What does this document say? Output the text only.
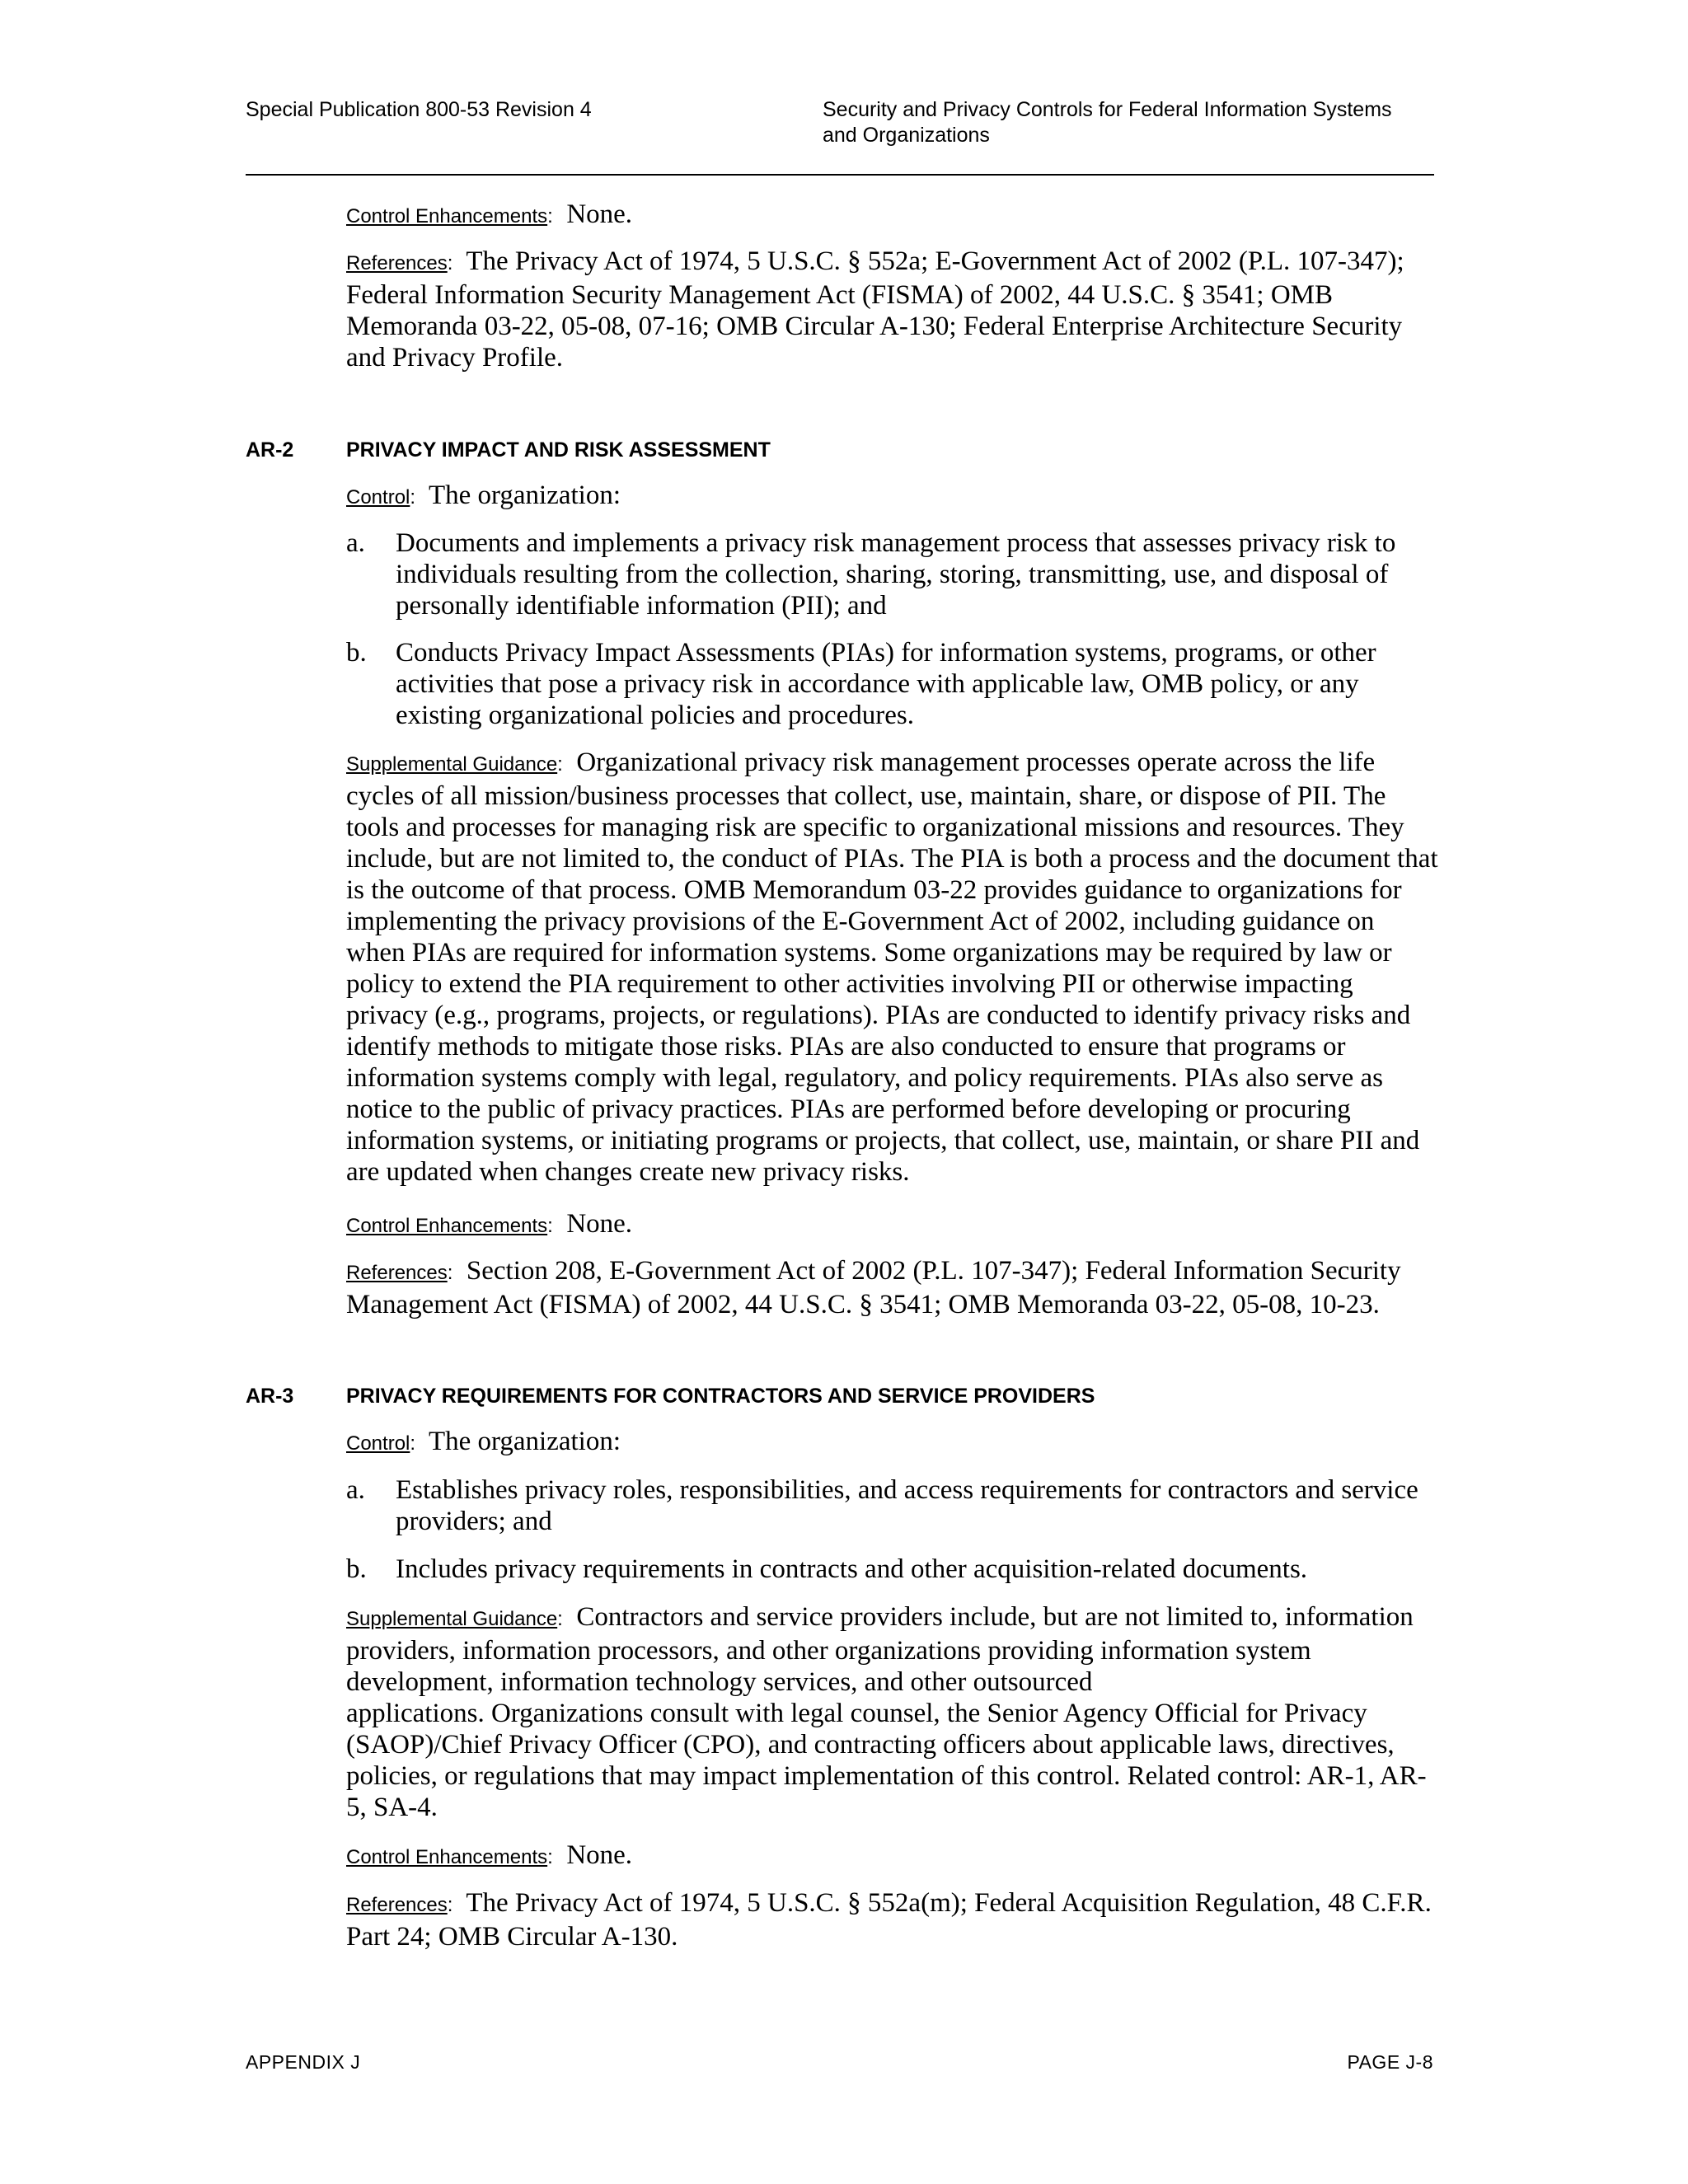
Special Publication 800-53 Revision 4	Security and Privacy Controls for Federal Information Systems
and Organizations
Control Enhancements: None.
References: The Privacy Act of 1974, 5 U.S.C. § 552a; E-Government Act of 2002 (P.L. 107-347); Federal Information Security Management Act (FISMA) of 2002, 44 U.S.C. § 3541; OMB Memoranda 03-22, 05-08, 07-16; OMB Circular A-130; Federal Enterprise Architecture Security and Privacy Profile.
AR-2	PRIVACY IMPACT AND RISK ASSESSMENT
Control: The organization:
a. Documents and implements a privacy risk management process that assesses privacy risk to individuals resulting from the collection, sharing, storing, transmitting, use, and disposal of personally identifiable information (PII); and
b. Conducts Privacy Impact Assessments (PIAs) for information systems, programs, or other activities that pose a privacy risk in accordance with applicable law, OMB policy, or any existing organizational policies and procedures.
Supplemental Guidance: Organizational privacy risk management processes operate across the life cycles of all mission/business processes that collect, use, maintain, share, or dispose of PII. The tools and processes for managing risk are specific to organizational missions and resources. They include, but are not limited to, the conduct of PIAs. The PIA is both a process and the document that is the outcome of that process. OMB Memorandum 03-22 provides guidance to organizations for implementing the privacy provisions of the E-Government Act of 2002, including guidance on when PIAs are required for information systems. Some organizations may be required by law or policy to extend the PIA requirement to other activities involving PII or otherwise impacting privacy (e.g., programs, projects, or regulations). PIAs are conducted to identify privacy risks and identify methods to mitigate those risks. PIAs are also conducted to ensure that programs or information systems comply with legal, regulatory, and policy requirements. PIAs also serve as notice to the public of privacy practices. PIAs are performed before developing or procuring information systems, or initiating programs or projects, that collect, use, maintain, or share PII and are updated when changes create new privacy risks.
Control Enhancements: None.
References: Section 208, E-Government Act of 2002 (P.L. 107-347); Federal Information Security Management Act (FISMA) of 2002, 44 U.S.C. § 3541; OMB Memoranda 03-22, 05-08, 10-23.
AR-3	PRIVACY REQUIREMENTS FOR CONTRACTORS AND SERVICE PROVIDERS
Control: The organization:
a. Establishes privacy roles, responsibilities, and access requirements for contractors and service providers; and
b. Includes privacy requirements in contracts and other acquisition-related documents.
Supplemental Guidance: Contractors and service providers include, but are not limited to, information providers, information processors, and other organizations providing information system development, information technology services, and other outsourced
applications. Organizations consult with legal counsel, the Senior Agency Official for Privacy (SAOP)/Chief Privacy Officer (CPO), and contracting officers about applicable laws, directives, policies, or regulations that may impact implementation of this control. Related control: AR-1, AR-5, SA-4.
Control Enhancements: None.
References: The Privacy Act of 1974, 5 U.S.C. § 552a(m); Federal Acquisition Regulation, 48 C.F.R. Part 24; OMB Circular A-130.
APPENDIX J	PAGE J-8
